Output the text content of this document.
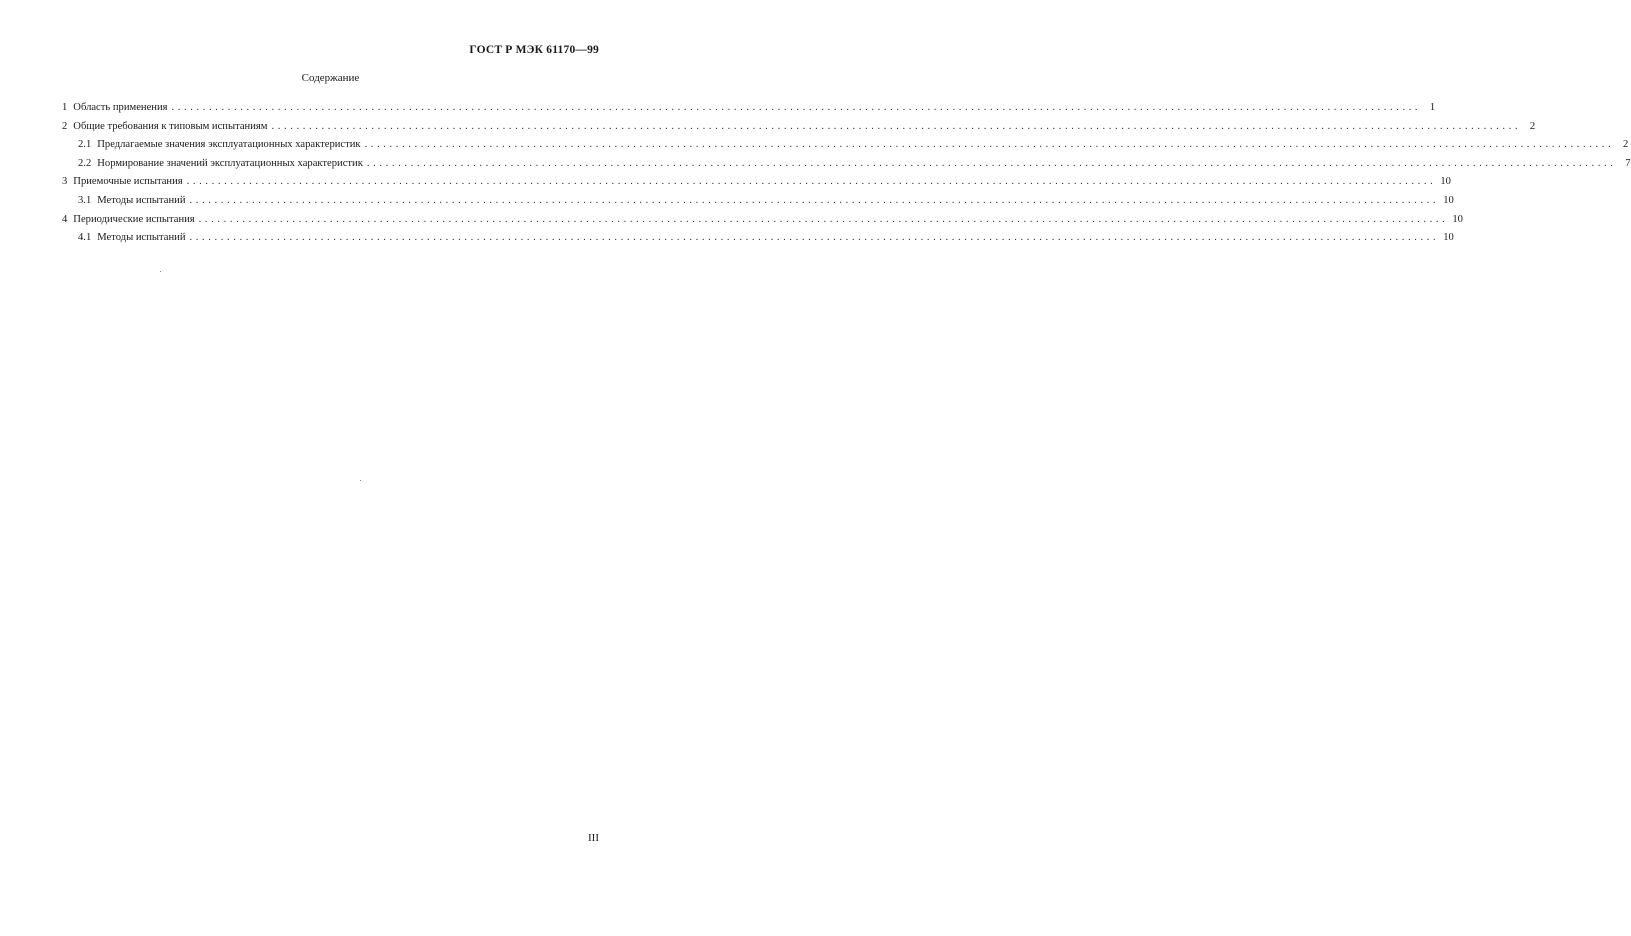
ГОСТ Р МЭК 61170—99
Содержание
1 Область применения ........................................................................................................................................................................................................ 1
2 Общие требования к типовым испытаниям ........................................................................................................................................................................................................ 2
2.1 Предлагаемые значения эксплуатационных характеристик ........................................................................................................................................................................................................ 2
2.2 Нормирование значений эксплуатационных характеристик ........................................................................................................................................................................................................ 7
3 Приемочные испытания ........................................................................................................................................................................................................ 10
3.1 Методы испытаний ........................................................................................................................................................................................................ 10
4 Периодические испытания ........................................................................................................................................................................................................ 10
4.1 Методы испытаний ........................................................................................................................................................................................................ 10
III
